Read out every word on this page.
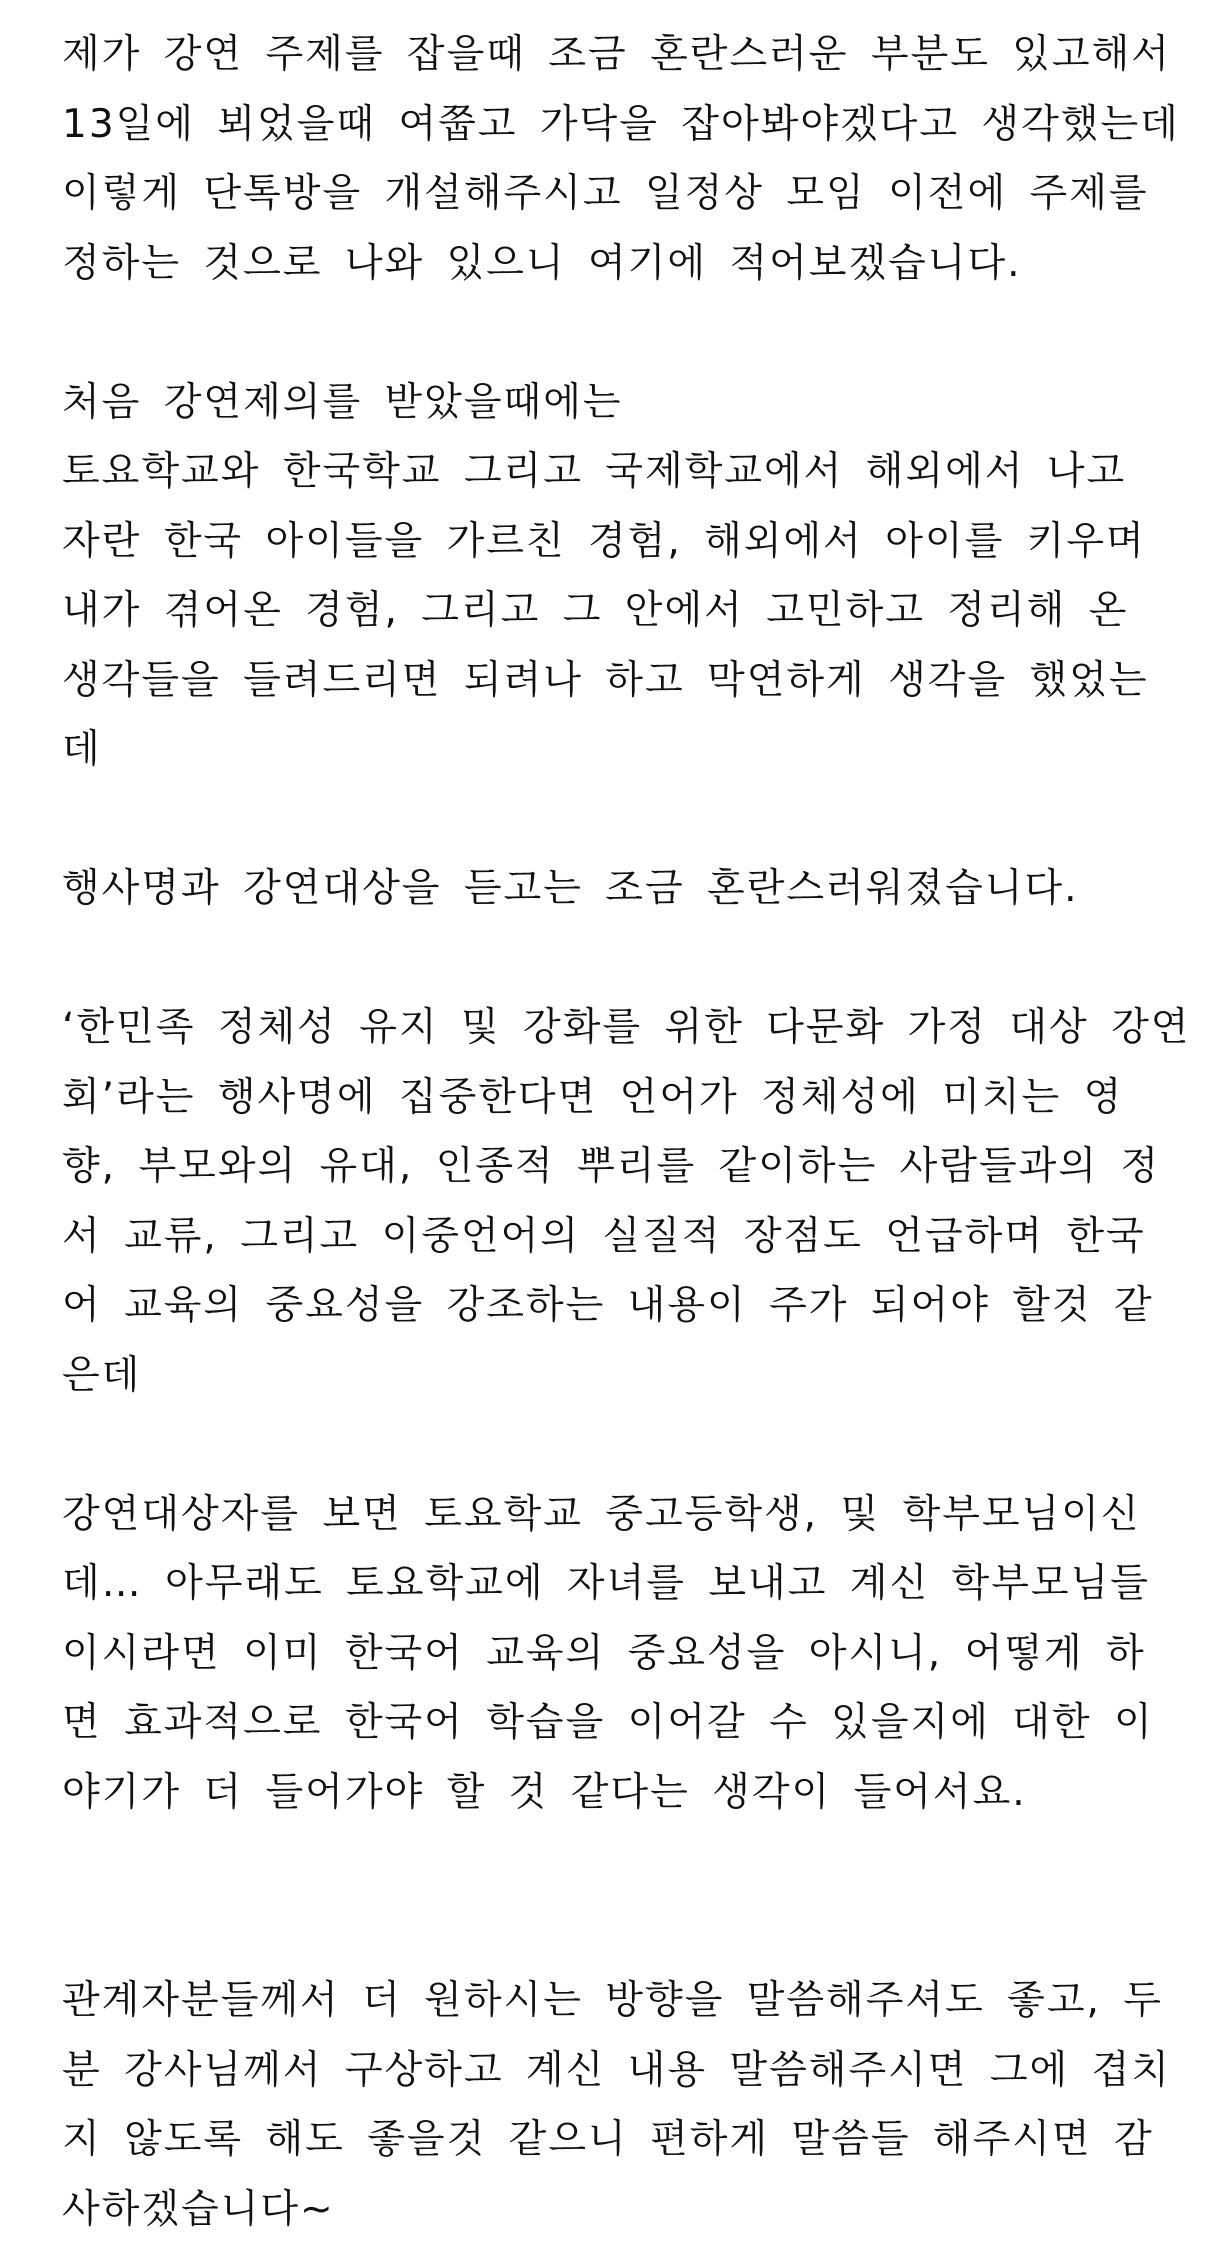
제가 강연 주제를 잡을때 조금 혼란스러운 부분도 있고해서
13일에 뵈었을때 여쭙고 가닥을 잡아봐야겠다고 생각했는데
이렇게 단톡방을 개설해주시고 일정상 모임 이전에 주제를
정하는 것으로 나와 있으니 여기에 적어보겠습니다.
처음 강연제의를 받았을때에는
토요학교와 한국학교 그리고 국제학교에서 해외에서 나고
자란 한국 아이들을 가르친 경험, 해외에서 아이를 키우며
내가 겪어온 경험, 그리고 그 안에서 고민하고 정리해 온
생각들을 들려드리면 되려나 하고 막연하게 생각을 했었는
데
행사명과 강연대상을 듣고는 조금 혼란스러워졌습니다.
‘한민족 정체성 유지 및 강화를 위한 다문화 가정 대상 강연
회’라는 행사명에 집중한다면 언어가 정체성에 미치는 영
향, 부모와의 유대, 인종적 뿌리를 같이하는 사람들과의 정
서 교류, 그리고 이중언어의 실질적 장점도 언급하며 한국
어 교육의 중요성을 강조하는 내용이 주가 되어야 할것 같
은데
강연대상자를 보면 토요학교 중고등학생, 및 학부모님이신
데… 아무래도 토요학교에 자녀를 보내고 계신 학부모님들
이시라면 이미 한국어 교육의 중요성을 아시니, 어떻게 하
면 효과적으로 한국어 학습을 이어갈 수 있을지에 대한 이
야기가 더 들어가야 할 것 같다는 생각이 들어서요.
관계자분들께서 더 원하시는 방향을 말씀해주셔도 좋고, 두
분 강사님께서 구상하고 계신 내용 말씀해주시면 그에 겹치
지 않도록 해도 좋을것 같으니 편하게 말씀들 해주시면 감
사하겠습니다~
